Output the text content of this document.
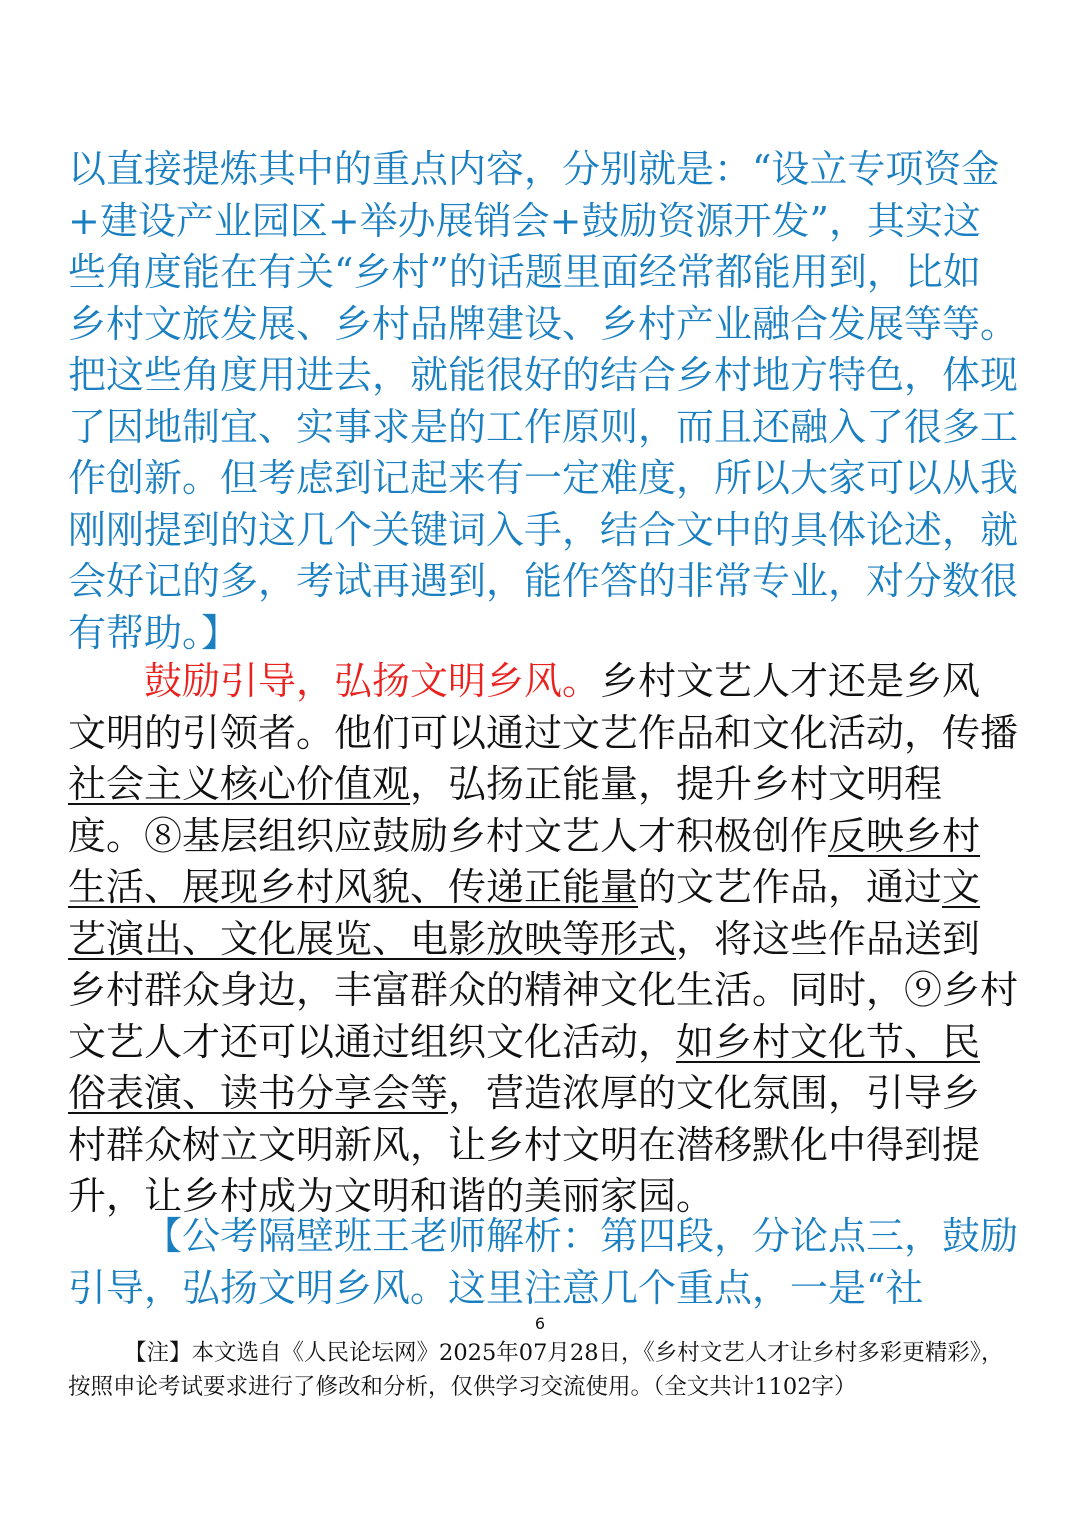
以直接提炼其中的重点内容，分别就是：“设立专项资金+建设产业园区+举办展销会+鼓励资源开发”，其实这些角度能在有关“乡村”的话题里面经常都能用到，比如乡村文旅发展、乡村品牌建设、乡村产业融合发展等等。把这些角度用进去，就能很好的结合乡村地方特色，体现了因地制宜、实事求是的工作原则，而且还融入了很多工作创新。但考虑到记起来有一定难度，所以大家可以从我刚刚提到的这几个关键词入手，结合文中的具体论述，就会好记的多，考试再遇到，能作答的非常专业，对分数很有帮助。】

鼓励引导，弘扬文明乡风。乡村文艺人才还是乡风文明的引领者。他们可以通过文艺作品和文化活动，传播社会主义核心价值观，弘扬正能量，提升乡村文明程度。⑧基层组织应鼓励乡村文艺人才积极创作反映乡村生活、展现乡村风貌、传递正能量的文艺作品，通过文艺演出、文化展览、电影放映等形式，将这些作品送到乡村群众身边，丰富群众的精神文化生活。同时，⑨乡村文艺人才还可以通过组织文化活动，如乡村文化节、民俗表演、读书分享会等，营造浓厚的文化氛围，引导乡村群众树立文明新风，让乡村文明在潜移默化中得到提升，让乡村成为文明和谐的美丽家园。

【公考隔壁班王老师解析：第四段，分论点三，鼓励引导，弘扬文明乡风。这里注意几个重点，一是“社

6

【注】本文选自《人民论坛网》2025年07月28日，《乡村文艺人才让乡村多彩更精彩》，按照申论考试要求进行了修改和分析，仅供学习交流使用。（全文共计1102字）
